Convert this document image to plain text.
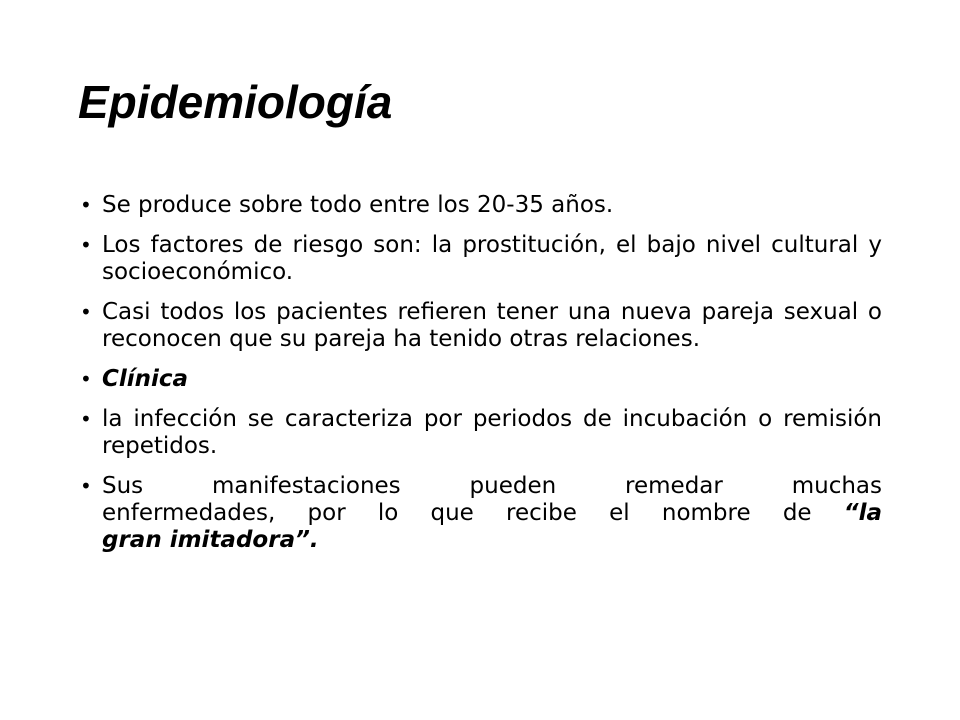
Epidemiología
• Se produce sobre todo entre los 20-35 años.
• Los factores de riesgo son: la prostitución, el bajo nivel cultural y socioeconómico.
• Casi todos los pacientes refieren tener una nueva pareja sexual o reconocen que su pareja ha tenido otras relaciones.
• Clínica
• la infección se caracteriza por periodos de incubación o remisión repetidos.
• Sus manifestaciones pueden remedar muchas
enfermedades, por lo que recibe el nombre de “la
gran imitadora”.
